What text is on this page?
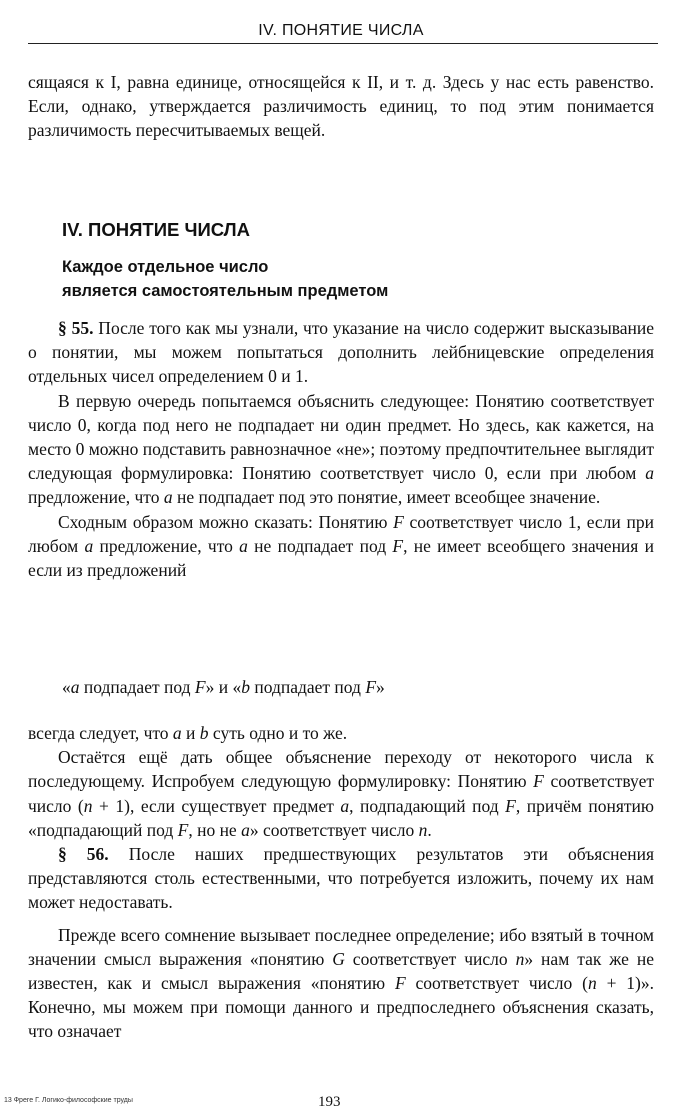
IV. ПОНЯТИЕ ЧИСЛА

сящаяся к I, равна единице, относящейся к II, и т. д. Здесь у нас есть равенство. Если, однако, утверждается различимость единиц, то под этим понимается различимость пересчитываемых вещей.

IV. ПОНЯТИЕ ЧИСЛА
Каждое отдельное число
является самостоятельным предметом

§ 55. После того как мы узнали, что указание на число содержит высказывание о понятии, мы можем попытаться дополнить лейбницевские определения отдельных чисел определением 0 и 1.

В первую очередь попытаемся объяснить следующее: Понятию соответствует число 0, когда под него не подпадает ни один предмет. Но здесь, как кажется, на место 0 можно подставить равнозначное «не»; поэтому предпочтительнее выглядит следующая формулировка: Понятию соответствует число 0, если при любом a предложение, что a не подпадает под это понятие, имеет всеобщее значение.

Сходным образом можно сказать: Понятию F соответствует число 1, если при любом a предложение, что a не подпадает под F, не имеет всеобщего значения и если из предложений

«a подпадает под F» и «b подпадает под F»

всегда следует, что a и b суть одно и то же.

Остаётся ещё дать общее объяснение переходу от некоторого числа к последующему. Испробуем следующую формулировку: Понятию F соответствует число (n + 1), если существует предмет a, подпадающий под F, причём понятию «подпадающий под F, но не a» соответствует число n.

§ 56. После наших предшествующих результатов эти объяснения представляются столь естественными, что потребуется изложить, почему их нам может недоставать.

Прежде всего сомнение вызывает последнее определение; ибо взятый в точном значении смысл выражения «понятию G соответствует число n» нам так же не известен, как и смысл выражения «понятию F соответствует число (n + 1)». Конечно, мы можем при помощи данного и предпоследнего объяснения сказать, что означает

13 Фреге Г. Логико-философские труды	193
